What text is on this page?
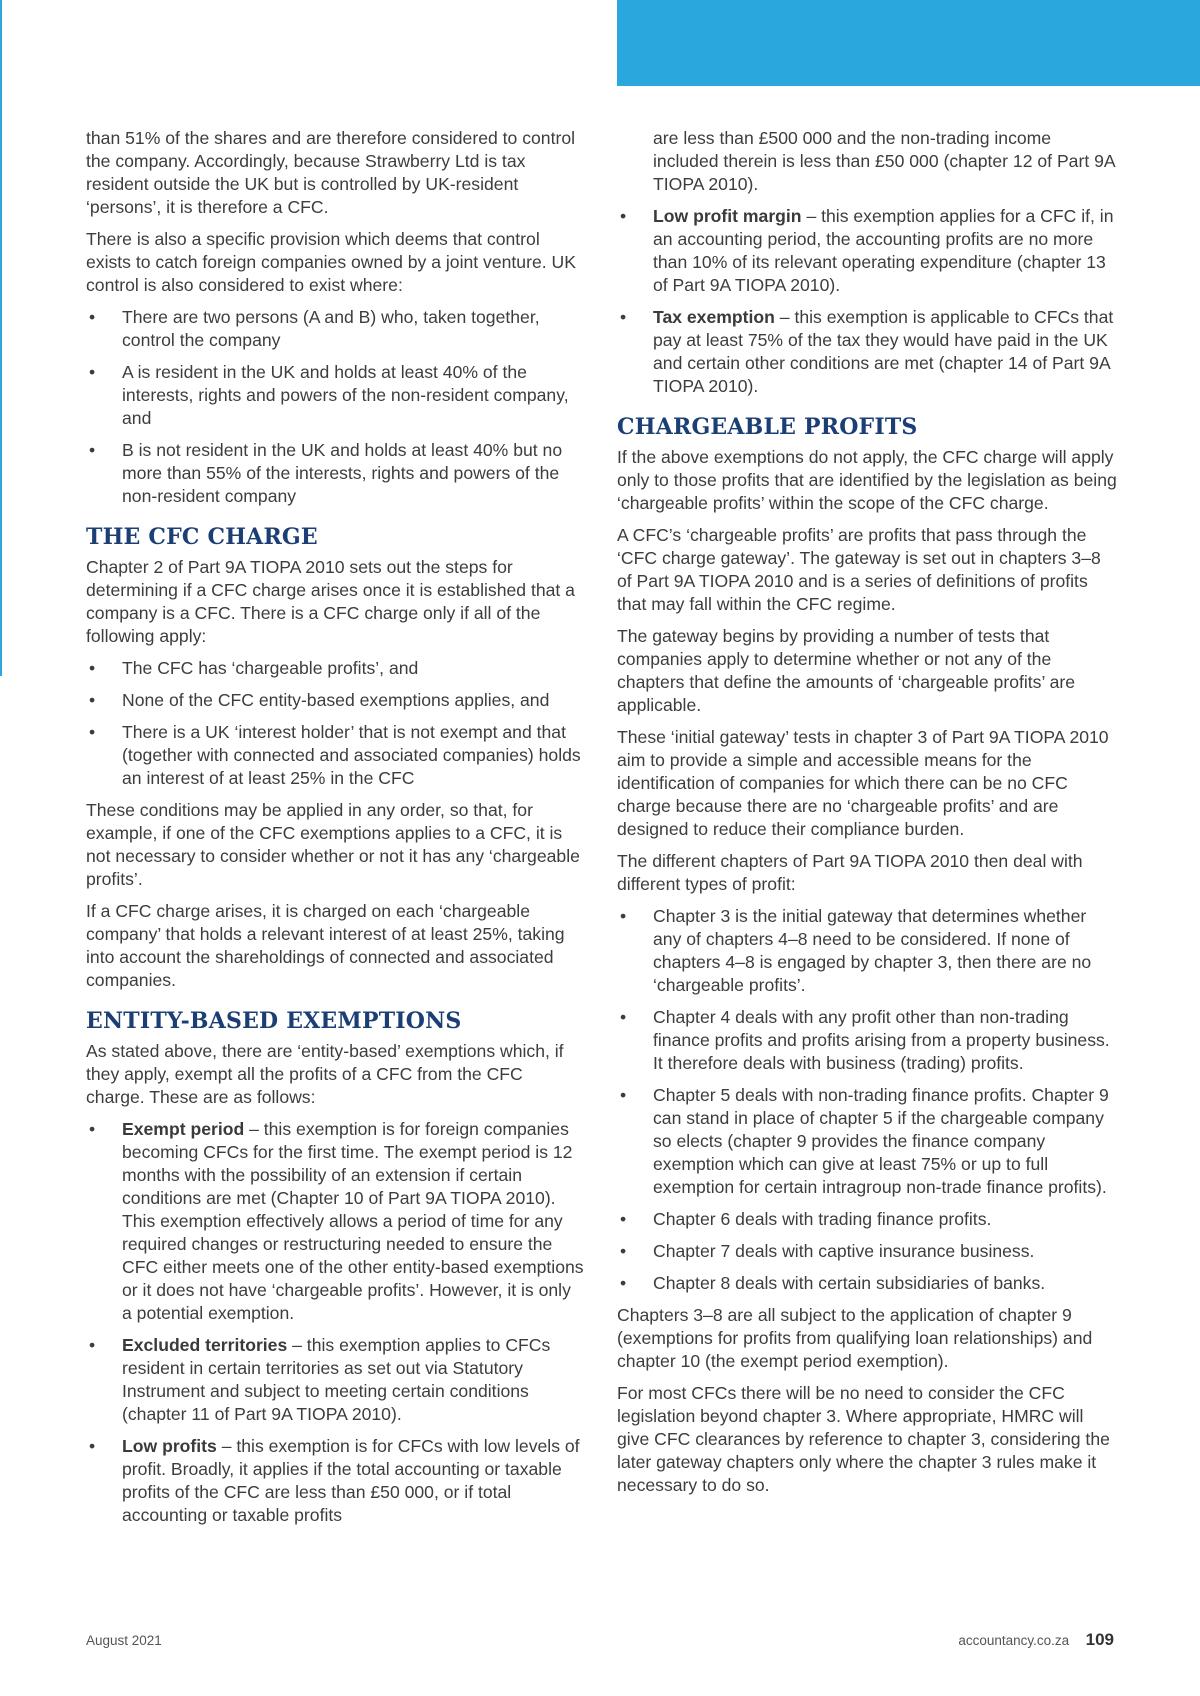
than 51% of the shares and are therefore considered to control the company. Accordingly, because Strawberry Ltd is tax resident outside the UK but is controlled by UK-resident ‘persons’, it is therefore a CFC.

There is also a specific provision which deems that control exists to catch foreign companies owned by a joint venture. UK control is also considered to exist where:

• There are two persons (A and B) who, taken together, control the company
• A is resident in the UK and holds at least 40% of the interests, rights and powers of the non-resident company, and
• B is not resident in the UK and holds at least 40% but no more than 55% of the interests, rights and powers of the non-resident company
THE CFC CHARGE

Chapter 2 of Part 9A TIOPA 2010 sets out the steps for determining if a CFC charge arises once it is established that a company is a CFC. There is a CFC charge only if all of the following apply:

• The CFC has ‘chargeable profits’, and
• None of the CFC entity-based exemptions applies, and
• There is a UK ‘interest holder’ that is not exempt and that (together with connected and associated companies) holds an interest of at least 25% in the CFC

These conditions may be applied in any order, so that, for example, if one of the CFC exemptions applies to a CFC, it is not necessary to consider whether or not it has any ‘chargeable profits’.

If a CFC charge arises, it is charged on each ‘chargeable company’ that holds a relevant interest of at least 25%, taking into account the shareholdings of connected and associated companies.

ENTITY-BASED EXEMPTIONS

As stated above, there are ‘entity-based’ exemptions which, if they apply, exempt all the profits of a CFC from the CFC charge. These are as follows:

• Exempt period – this exemption is for foreign companies becoming CFCs for the first time. The exempt period is 12 months with the possibility of an extension if certain conditions are met (Chapter 10 of Part 9A TIOPA 2010). This exemption effectively allows a period of time for any required changes or restructuring needed to ensure the CFC either meets one of the other entity-based exemptions or it does not have ‘chargeable profits’. However, it is only a potential exemption.
• Excluded territories – this exemption applies to CFCs resident in certain territories as set out via Statutory Instrument and subject to meeting certain conditions (chapter 11 of Part 9A TIOPA 2010).
• Low profits – this exemption is for CFCs with low levels of profit. Broadly, it applies if the total accounting or taxable profits of the CFC are less than £50 000, or if total accounting or taxable profits

are less than £500 000 and the non-trading income included therein is less than £50 000 (chapter 12 of Part 9A TIOPA 2010).

• Low profit margin – this exemption applies for a CFC if, in an accounting period, the accounting profits are no more than 10% of its relevant operating expenditure (chapter 13 of Part 9A TIOPA 2010).
• Tax exemption – this exemption is applicable to CFCs that pay at least 75% of the tax they would have paid in the UK and certain other conditions are met (chapter 14 of Part 9A TIOPA 2010).
CHARGEABLE PROFITS

If the above exemptions do not apply, the CFC charge will apply only to those profits that are identified by the legislation as being ‘chargeable profits’ within the scope of the CFC charge.

A CFC’s ‘chargeable profits’ are profits that pass through the ‘CFC charge gateway’. The gateway is set out in chapters 3–8 of Part 9A TIOPA 2010 and is a series of definitions of profits that may fall within the CFC regime.

The gateway begins by providing a number of tests that companies apply to determine whether or not any of the chapters that define the amounts of ‘chargeable profits’ are applicable.

These ‘initial gateway’ tests in chapter 3 of Part 9A TIOPA 2010 aim to provide a simple and accessible means for the identification of companies for which there can be no CFC charge because there are no ‘chargeable profits’ and are designed to reduce their compliance burden.

The different chapters of Part 9A TIOPA 2010 then deal with different types of profit:

• Chapter 3 is the initial gateway that determines whether any of chapters 4–8 need to be considered. If none of chapters 4–8 is engaged by chapter 3, then there are no ‘chargeable profits’.
• Chapter 4 deals with any profit other than non-trading finance profits and profits arising from a property business. It therefore deals with business (trading) profits.
• Chapter 5 deals with non-trading finance profits. Chapter 9 can stand in place of chapter 5 if the chargeable company so elects (chapter 9 provides the finance company exemption which can give at least 75% or up to full exemption for certain intragroup non-trade finance profits).
• Chapter 6 deals with trading finance profits.
• Chapter 7 deals with captive insurance business.
• Chapter 8 deals with certain subsidiaries of banks.

Chapters 3–8 are all subject to the application of chapter 9 (exemptions for profits from qualifying loan relationships) and chapter 10 (the exempt period exemption).

For most CFCs there will be no need to consider the CFC legislation beyond chapter 3. Where appropriate, HMRC will give CFC clearances by reference to chapter 3, considering the later gateway chapters only where the chapter 3 rules make it necessary to do so.

August 2021	accountancy.co.za 109
